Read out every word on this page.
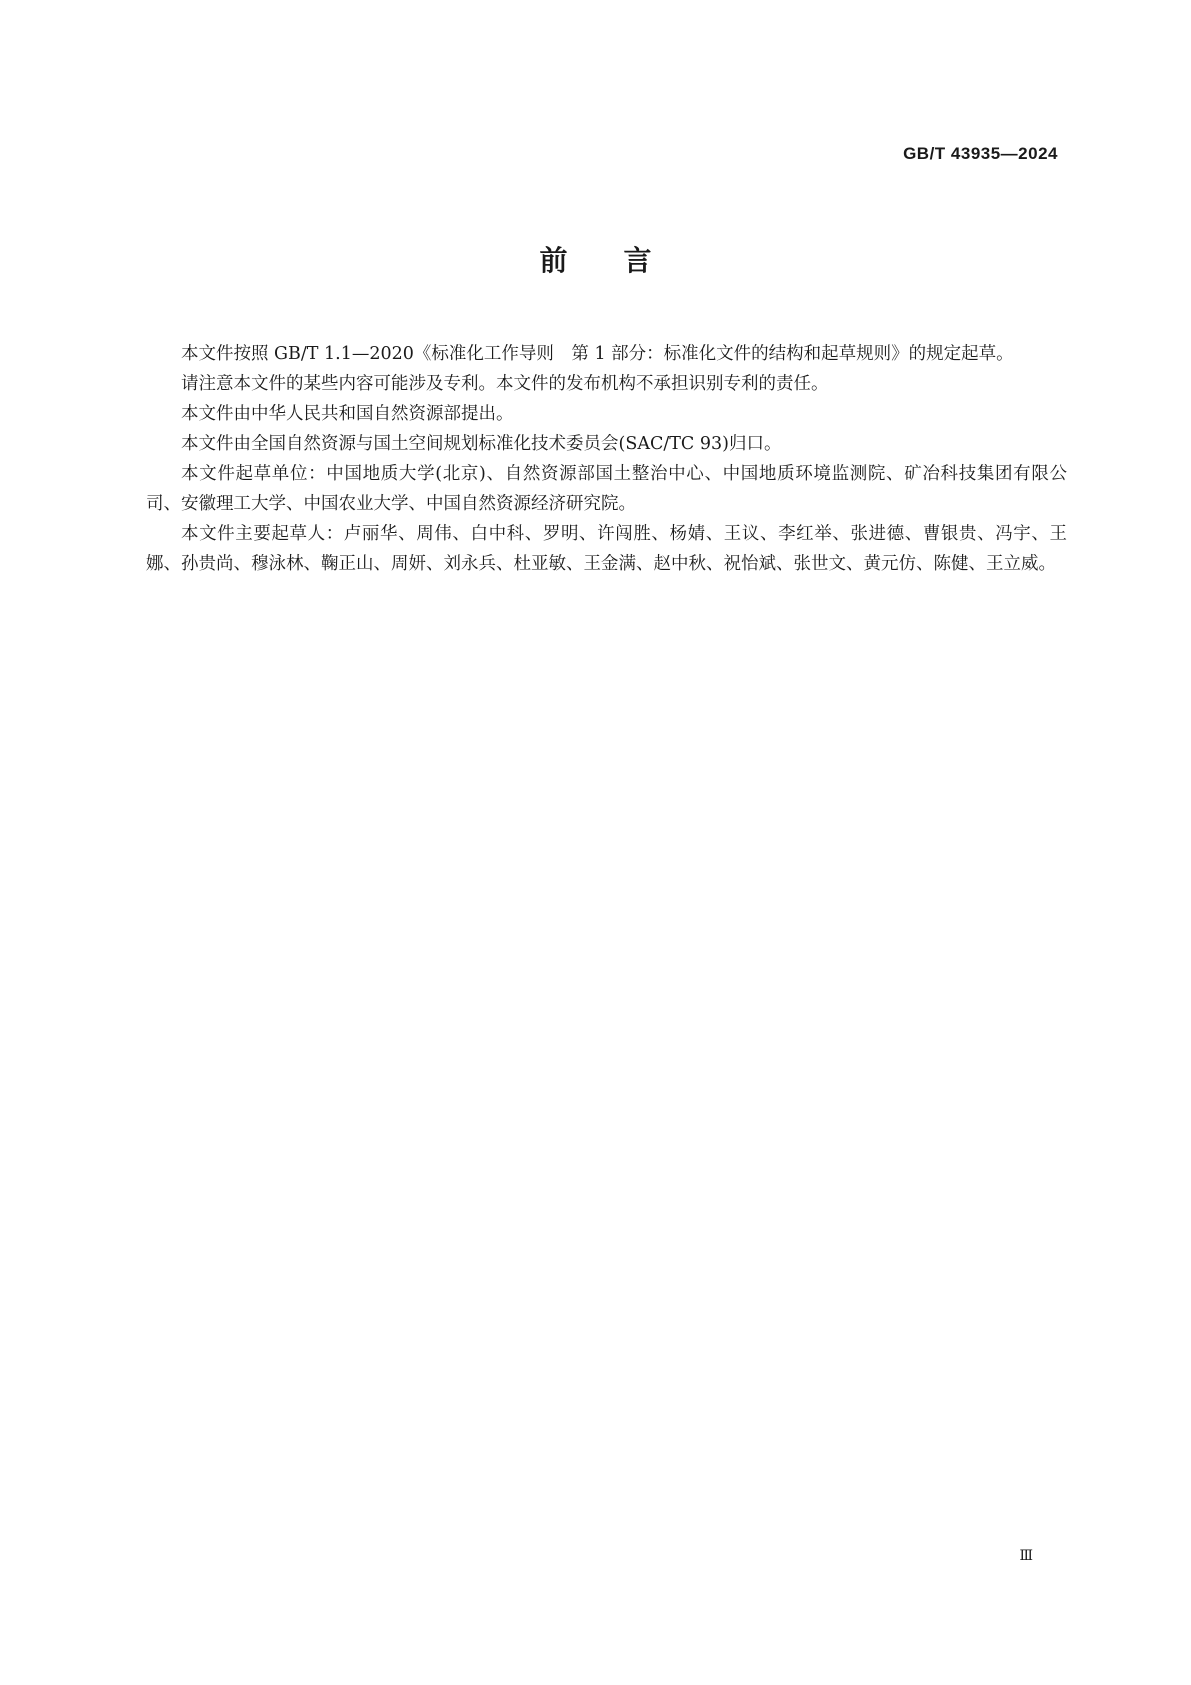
GB/T 43935—2024
前言

本文件按照 GB/T 1.1—2020《标准化工作导则　第 1 部分：标准化文件的结构和起草规则》的规定起草。

请注意本文件的某些内容可能涉及专利。本文件的发布机构不承担识别专利的责任。

本文件由中华人民共和国自然资源部提出。

本文件由全国自然资源与国土空间规划标准化技术委员会(SAC/TC 93)归口。

本文件起草单位：中国地质大学(北京)、自然资源部国土整治中心、中国地质环境监测院、矿冶科技集团有限公司、安徽理工大学、中国农业大学、中国自然资源经济研究院。

本文件主要起草人：卢丽华、周伟、白中科、罗明、许闯胜、杨婧、王议、李红举、张进德、曹银贵、冯宇、王娜、孙贵尚、穆泳林、鞠正山、周妍、刘永兵、杜亚敏、王金满、赵中秋、祝怡斌、张世文、黄元仿、陈健、王立威。

Ⅲ
